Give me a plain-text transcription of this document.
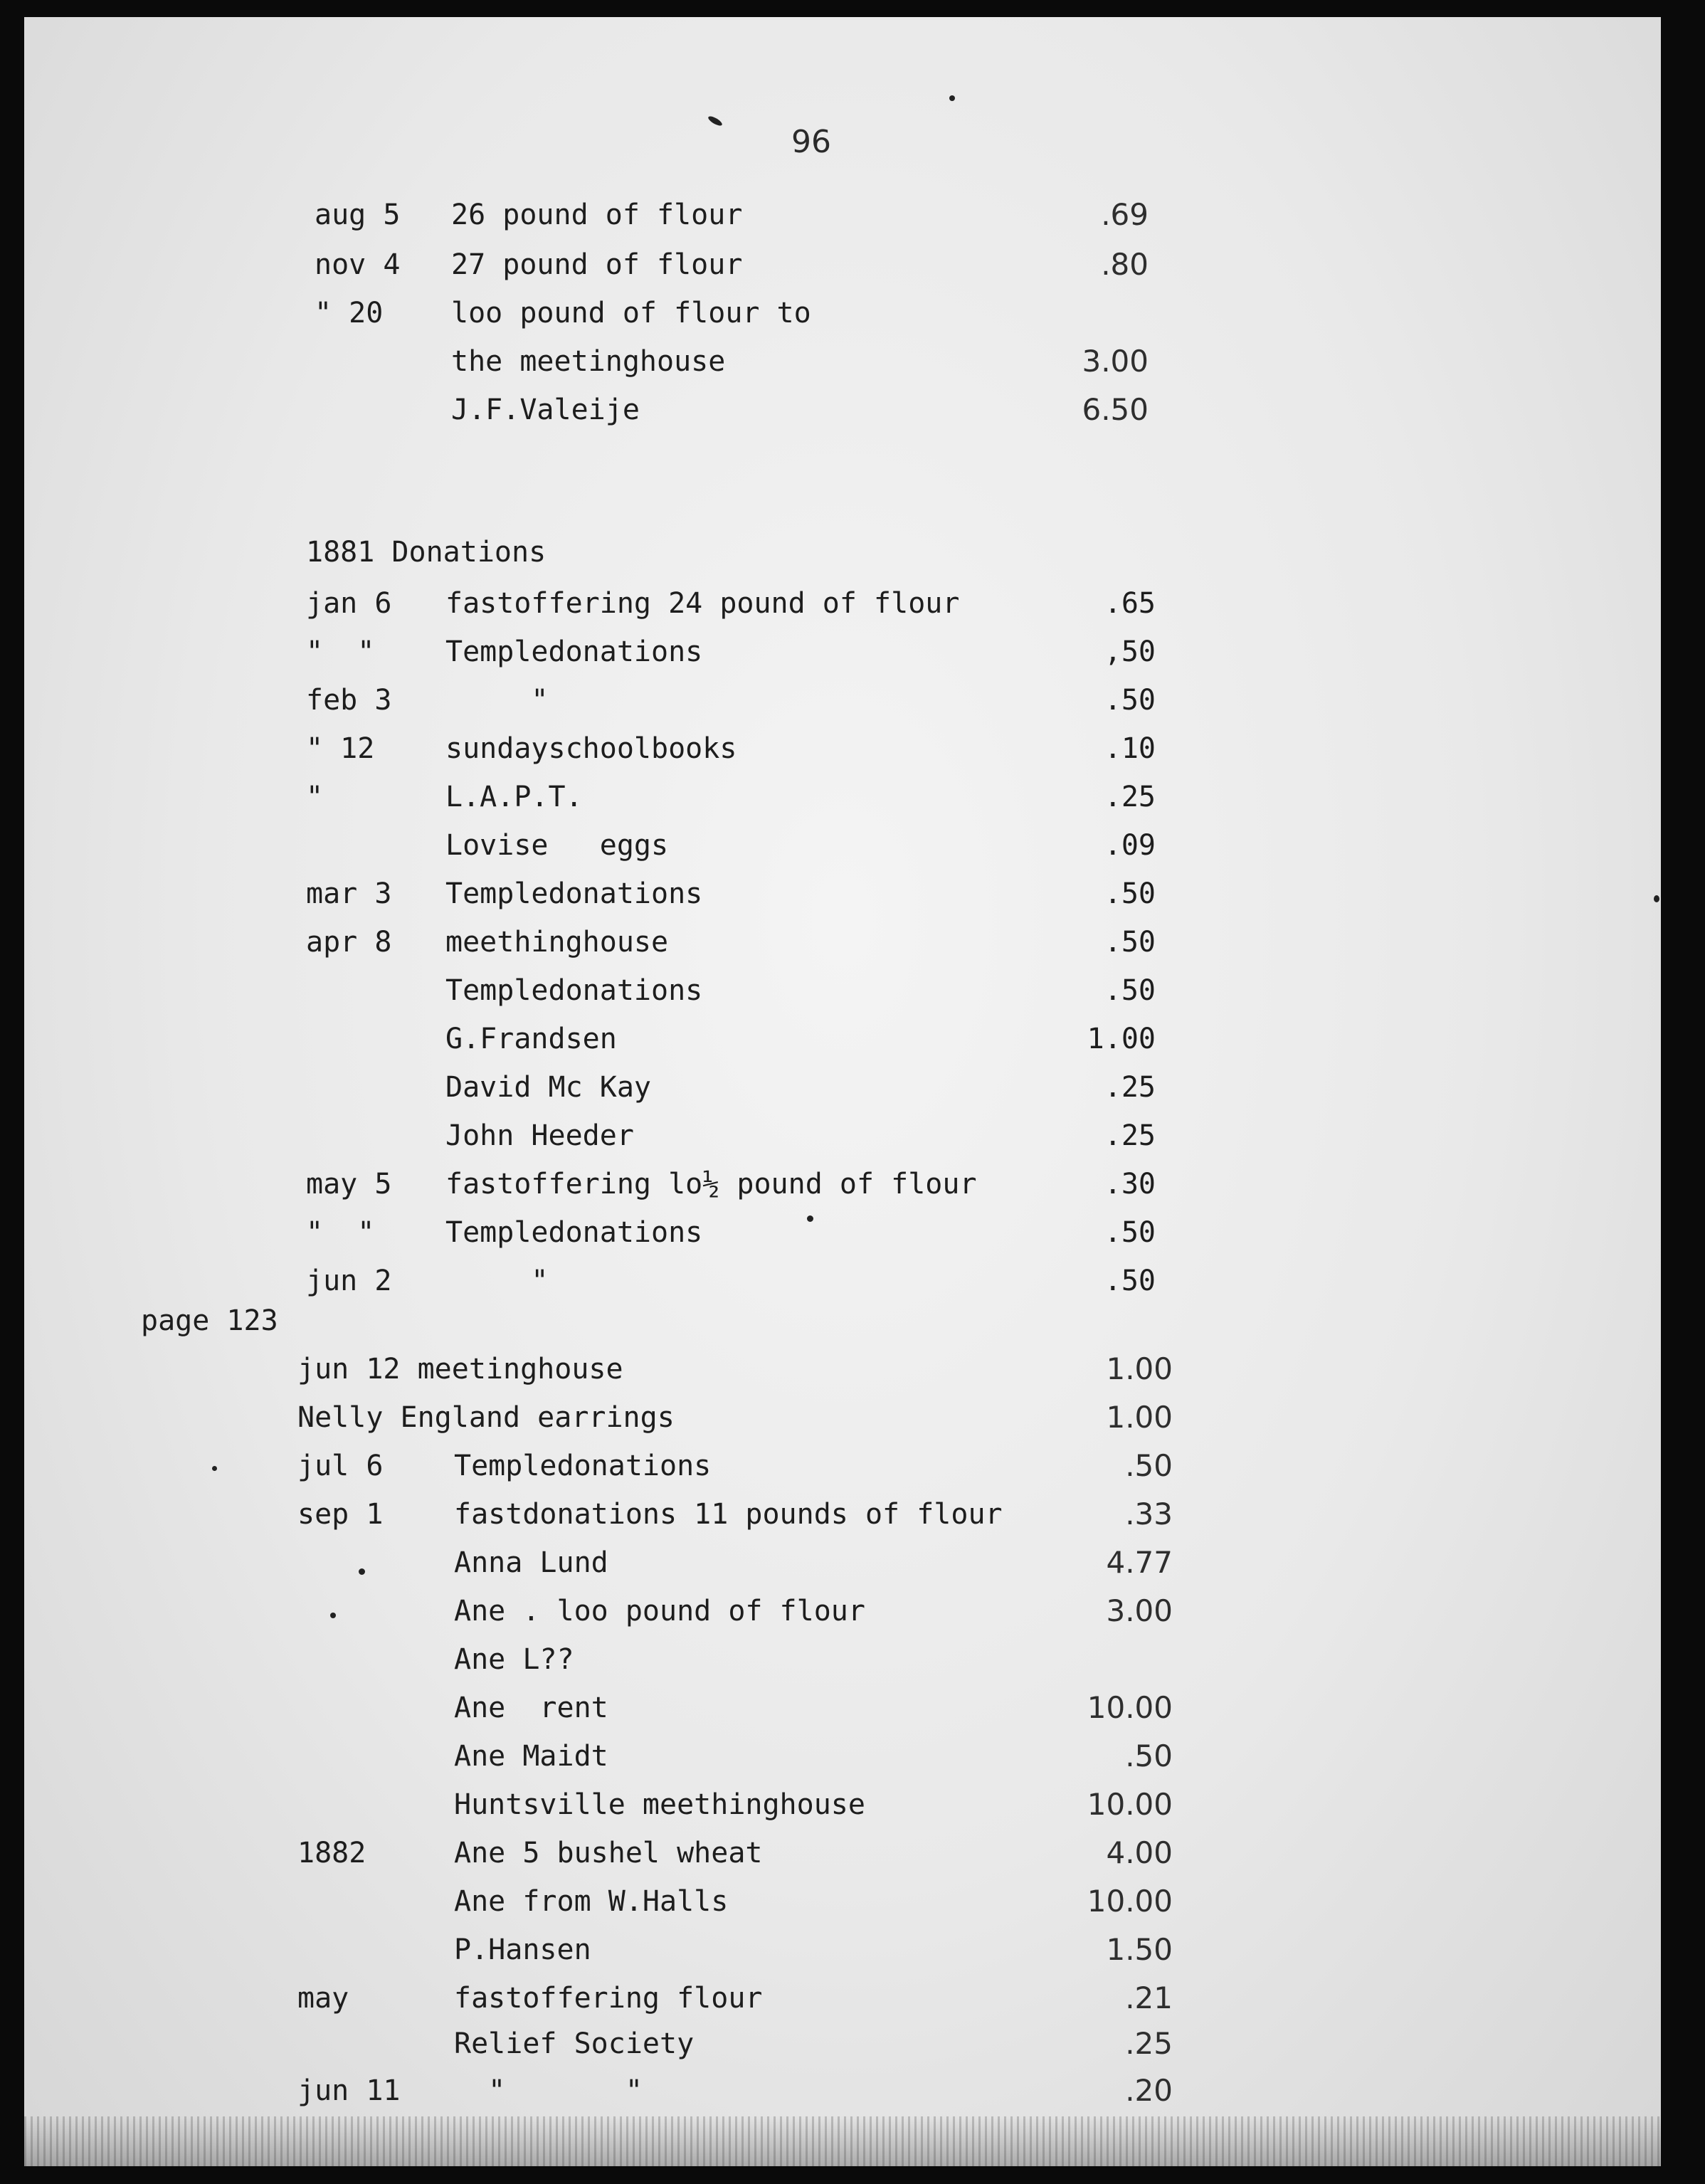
96
aug 5 26 pound of flour	.69
nov 4 27 pound of flour	.80
" 20 loo pound of flour to
the meetinghouse	3.00
J.F.Valeije	6.50
jan 6 fastoffering 24 pound of flour	.65
"  " Templedonations	,50
feb 3 "	.50
" 12 sundayschoolbooks	.10
"	L.A.P.T.	.25
Lovise   eggs	.09
mar 3 Templedonations	.50
apr 8 meethinghouse	.50
Templedonations	.50
G.Frandsen	1.00
David Mc Kay	.25
John Heeder	.25
may 5 fastoffering lo½ pound of flour	.30
"  " Templedonations	.50
jun 2 "	.50
jun 12 meetinghouse	1.00
Nelly England earrings	1.00
jul 6 Templedonations	.50
sep 1 fastdonations 11 pounds of flour	.33
Anna Lund	4.77
Ane . loo pound of flour	3.00
Ane L??
Ane  rent	10.00
Ane Maidt	.50
Huntsville meethinghouse	10.00
1882	Ane 5 bushel wheat	4.00
Ane from W.Halls	10.00
P.Hansen	1.50
may	fastoffering flour	.21
Relief Society	.25
jun 11 "       "	.20

1881 Donations

page 123
